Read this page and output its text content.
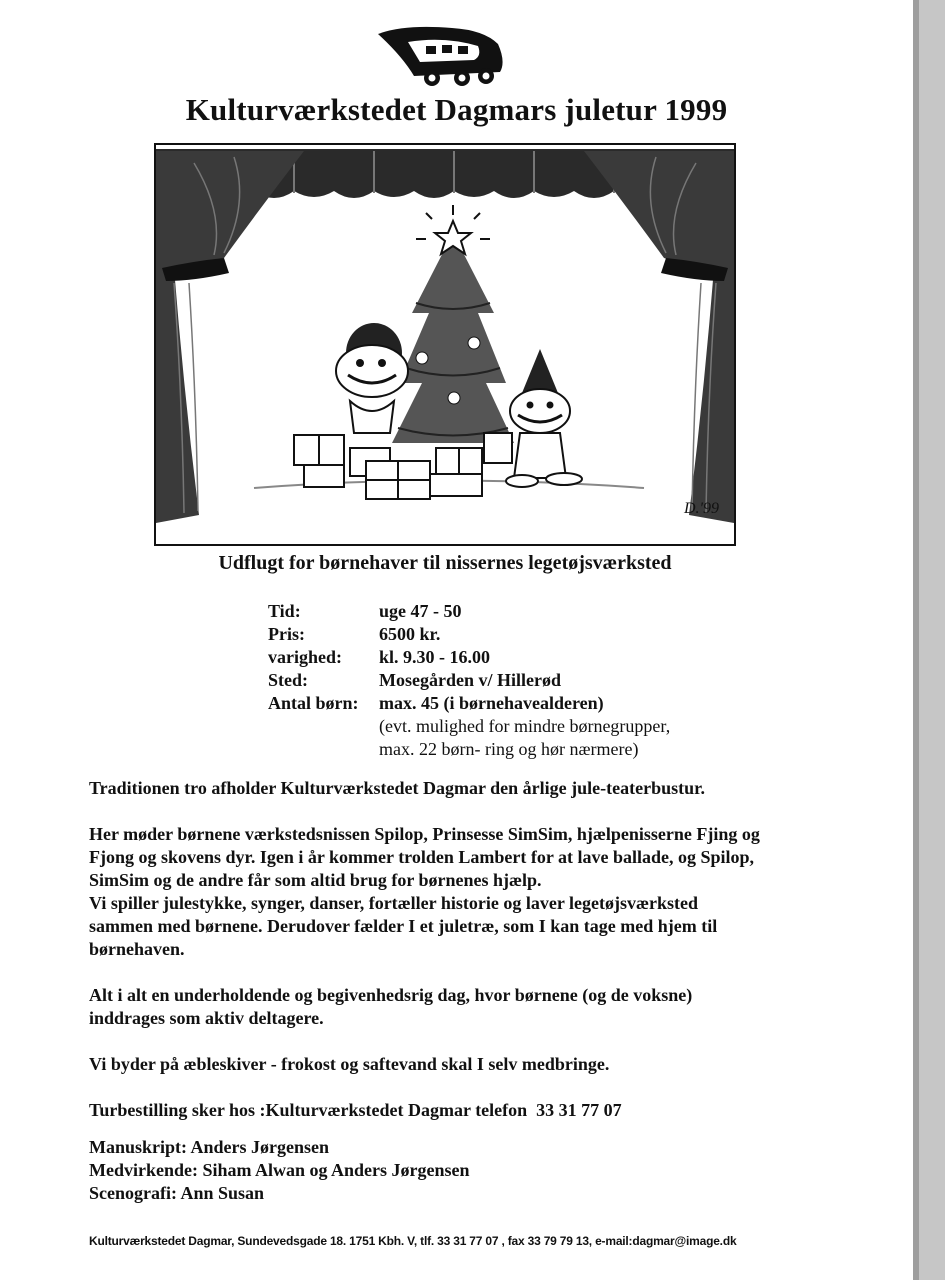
Kulturværkstedet Dagmars juletur 1999
D.'99
Udflugt for børnehaver til nissernes legetøjsværksted
Tid:	uge 47 - 50
Pris:	6500 kr.
varighed:	kl. 9.30 - 16.00
Sted:	Mosegården v/ Hillerød
Antal børn:	max. 45 (i børnehavealderen)
(evt. mulighed for mindre børnegrupper,
max. 22 børn- ring og hør nærmere)

Traditionen tro afholder Kulturværkstedet Dagmar den årlige jule-teaterbustur.

Her møder børnene værkstedsnissen Spilop, Prinsesse SimSim, hjælpenisserne Fjing og

Fjong og skovens dyr. Igen i år kommer trolden Lambert for at lave ballade, og Spilop,

SimSim og de andre får som altid brug for børnenes hjælp.

Vi spiller julestykke, synger, danser, fortæller historie og laver legetøjsværksted

sammen med børnene. Derudover fælder I et juletræ, som I kan tage med hjem til

børnehaven.

Alt i alt en underholdende og begivenhedsrig dag, hvor børnene (og de voksne)

inddrages som aktiv deltagere.

Vi byder på æbleskiver - frokost og saftevand skal I selv medbringe.

Turbestilling sker hos :Kulturværkstedet Dagmar telefon 33 31 77 07

Manuskript: Anders Jørgensen
Medvirkende: Siham Alwan og Anders Jørgensen
Scenografi: Ann Susan
Kulturværkstedet Dagmar, Sundevedsgade 18. 1751 Kbh. V, tlf. 33 31 77 07 , fax 33 79 79 13, e-mail:dagmar@image.dk
